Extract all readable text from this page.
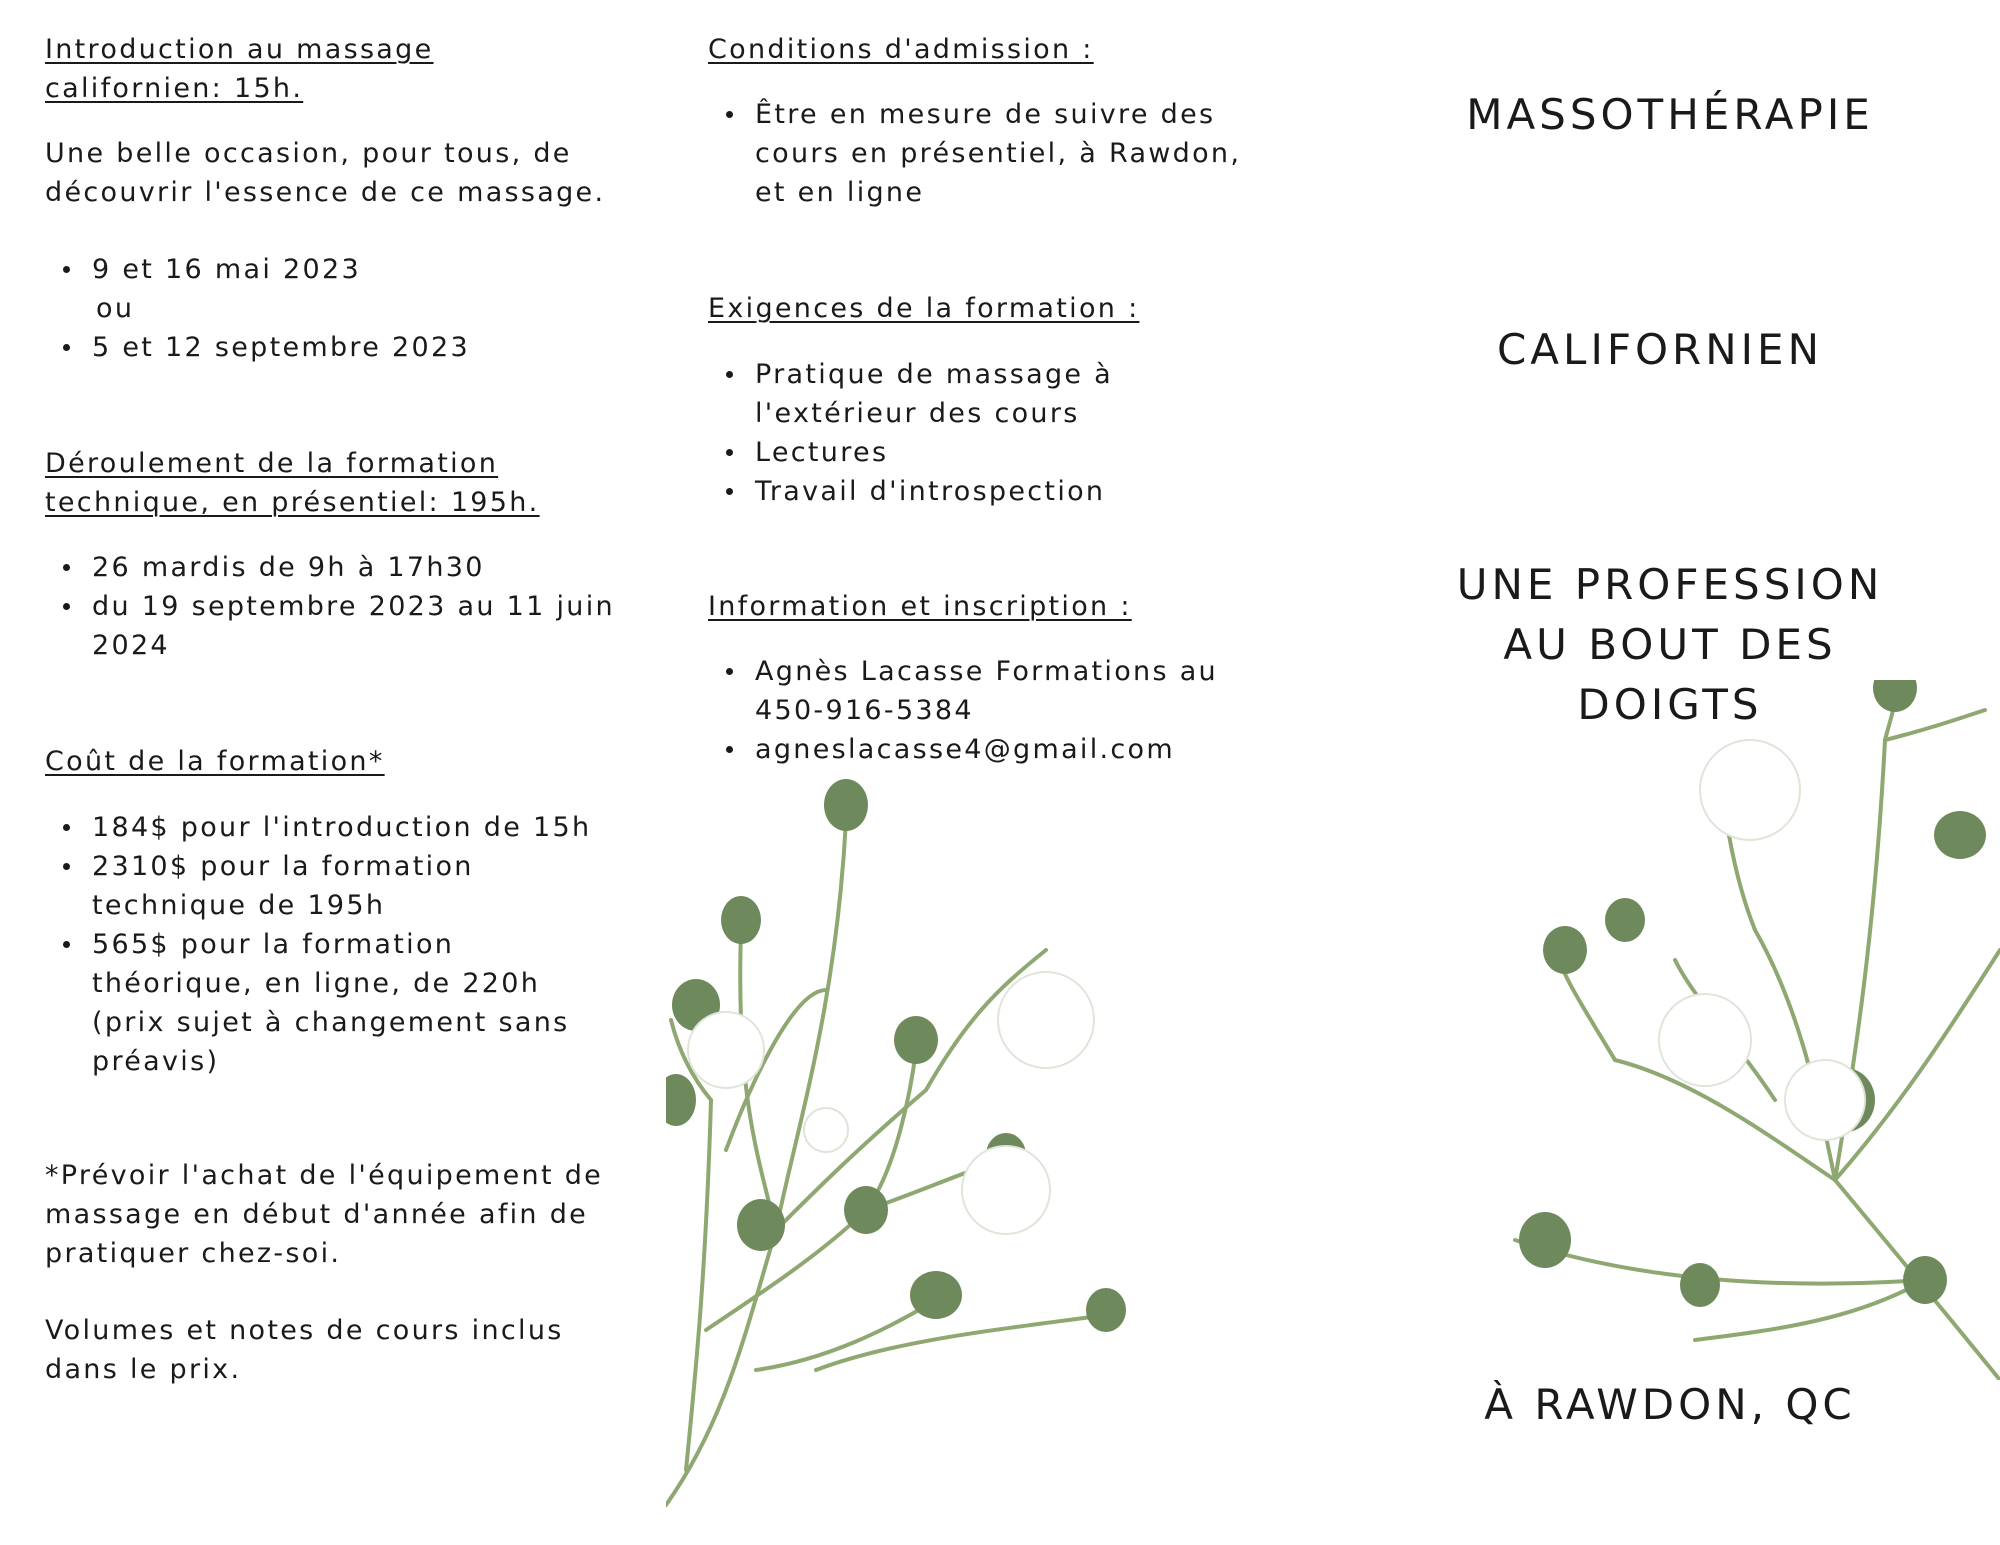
Introduction au massage californien: 15h.

Une belle occasion, pour tous, de découvrir l'essence de ce massage.

9 et 16 mai 2023
ou
5 et 12 septembre 2023
Déroulement de la formation technique, en présentiel: 195h.
26 mardis de 9h à 17h30
du 19 septembre 2023 au 11 juin 2024
Coût de la formation*
184$ pour l'introduction de 15h
2310$ pour la formation technique de 195h
565$ pour la formation théorique, en ligne, de 220h (prix sujet à changement sans préavis)

*Prévoir l'achat de l'équipement de massage en début d'année afin de pratiquer chez-soi.

Volumes et notes de cours inclus dans le prix.

Conditions d'admission :
Être en mesure de suivre des cours en présentiel, à Rawdon, et en ligne
Exigences de la formation :
Pratique de massage à l'extérieur des cours
Lectures
Travail d'introspection
Information et inscription :
Agnès Lacasse Formations au 450-916-5384
agneslacasse4@gmail.com
MASSOTHÉRAPIE
CALIFORNIEN
UNE PROFESSION AU BOUT DES DOIGTS
À RAWDON, QC
